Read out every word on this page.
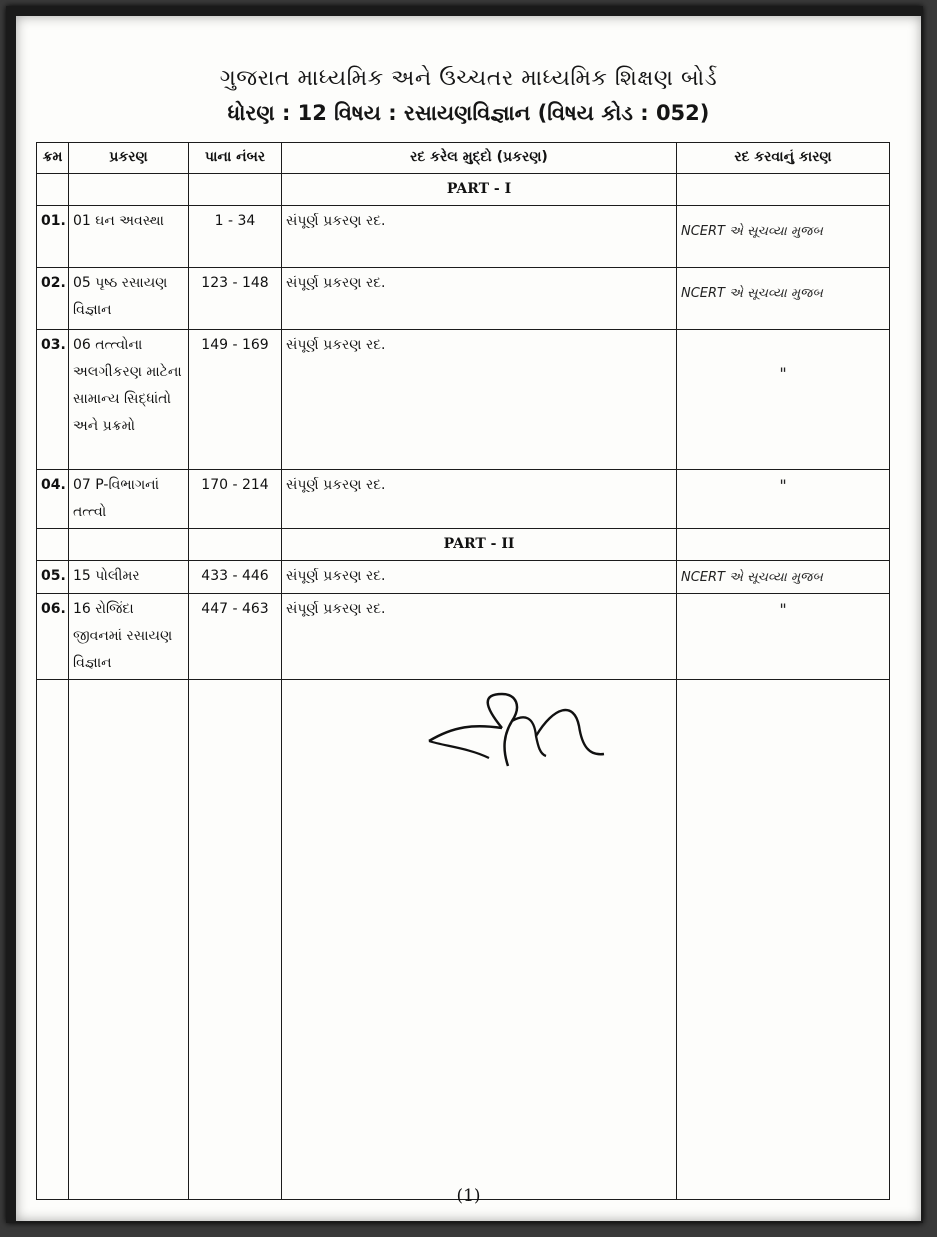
ગુજરાત માધ્યમિક અને ઉચ્ચતર માધ્યમિક શિક્ષણ બોર્ડ
ધોરણ : 12 વિષય : રસાયણવિજ્ઞાન (વિષય કોડ : 052)
ક્રમ	પ્રકરણ	પાના નંબર	રદ કરેલ મુદ્દો (પ્રકરણ)	રદ કરવાનું કારણ
			PART - I	
01.	01 ઘન અવસ્થા	1 - 34	સંપૂર્ણ પ્રકરણ રદ.	NCERT એ સૂચવ્યા મુજબ
02.	05 પૃષ્ઠ રસાયણ વિજ્ઞાન	123 - 148	સંપૂર્ણ પ્રકરણ રદ.	NCERT એ સૂચવ્યા મુજબ
03.	06 તત્ત્વોના અલગીકરણ માટેના સામાન્ય સિદ્ધાંતો અને પ્રક્રમો	149 - 169	સંપૂર્ણ પ્રકરણ રદ.	"
04.	07 P-વિભાગનાં તત્ત્વો	170 - 214	સંપૂર્ણ પ્રકરણ રદ.	"
			PART - II	
05.	15 પોલીમર	433 - 446	સંપૂર્ણ પ્રકરણ રદ.	NCERT એ સૂચવ્યા મુજબ
06.	16 રોજિંદા જીવનમાં રસાયણ વિજ્ઞાન	447 - 463	સંપૂર્ણ પ્રકરણ રદ.	"

(1)
